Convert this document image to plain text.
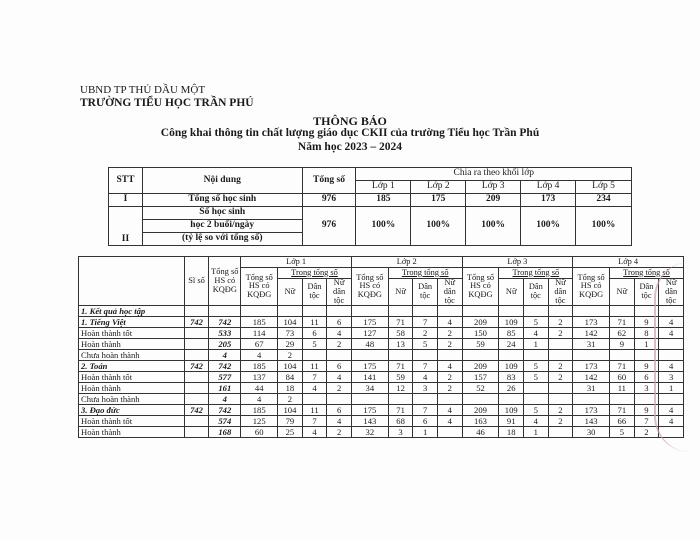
UBND TP THỦ DẦU MỘT
TRƯỜNG TIỂU HỌC TRẦN PHÚ
THÔNG BÁO
Công khai thông tin chất lượng giáo dục CKII của trường Tiểu học Trần Phú
Năm học 2023 – 2024
STT	Nội dung	Tổng số	Chia ra theo khối lớp				
			Lớp 1	Lớp 2	Lớp 3	Lớp 4	Lớp 5
I	Tổng số học sinh	976	185	175	209	173	234
II	Số học sinh	976	100%	100%	100%	100%	100%
	học 2 buổi/ngày						
	(tỷ lệ so với tổng số)						
	Sĩ số	Tổng số HS có KQĐG	Lớp 1				Lớp 2				Lớp 3				Lớp 4			
			Tổng số HS có KQĐG	Trong tổng số			Tổng số HS có KQĐG	Trong tổng số			Tổng số HS có KQĐG	Trong tổng số			Tổng số HS có KQĐG	Trong tổng số		
				Nữ	Dân tộc	Nữ dân tộc		Nữ	Dân tộc	Nữ dân tộc		Nữ	Dân tộc	Nữ dân tộc		Nữ	Dân tộc	Nữ dân tộc

1. Kết quả học tập																		
1. Tiếng Việt	742	742	185	104	11	6	175	71	7	4	209	109	5	2	173	71	9	4
Hoàn thành tốt		533	114	73	6	4	127	58	2	2	150	85	4	2	142	62	8	4
Hoàn thành		205	67	29	5	2	48	13	5	2	59	24	1		31	9	1	
Chưa hoàn thành		4	4	2														
2. Toán	742	742	185	104	11	6	175	71	7	4	209	109	5	2	173	71	9	4
Hoàn thành tốt		577	137	84	7	4	141	59	4	2	157	83	5	2	142	60	6	3
Hoàn thành		161	44	18	4	2	34	12	3	2	52	26			31	11	3	1
Chưa hoàn thành		4	4	2														
3. Đạo đức	742	742	185	104	11	6	175	71	7	4	209	109	5	2	173	71	9	4
Hoàn thành tốt		574	125	79	7	4	143	68	6	4	163	91	4	2	143	66	7	4
Hoàn thành		168	60	25	4	2	32	3	1		46	18	1		30	5	2	
